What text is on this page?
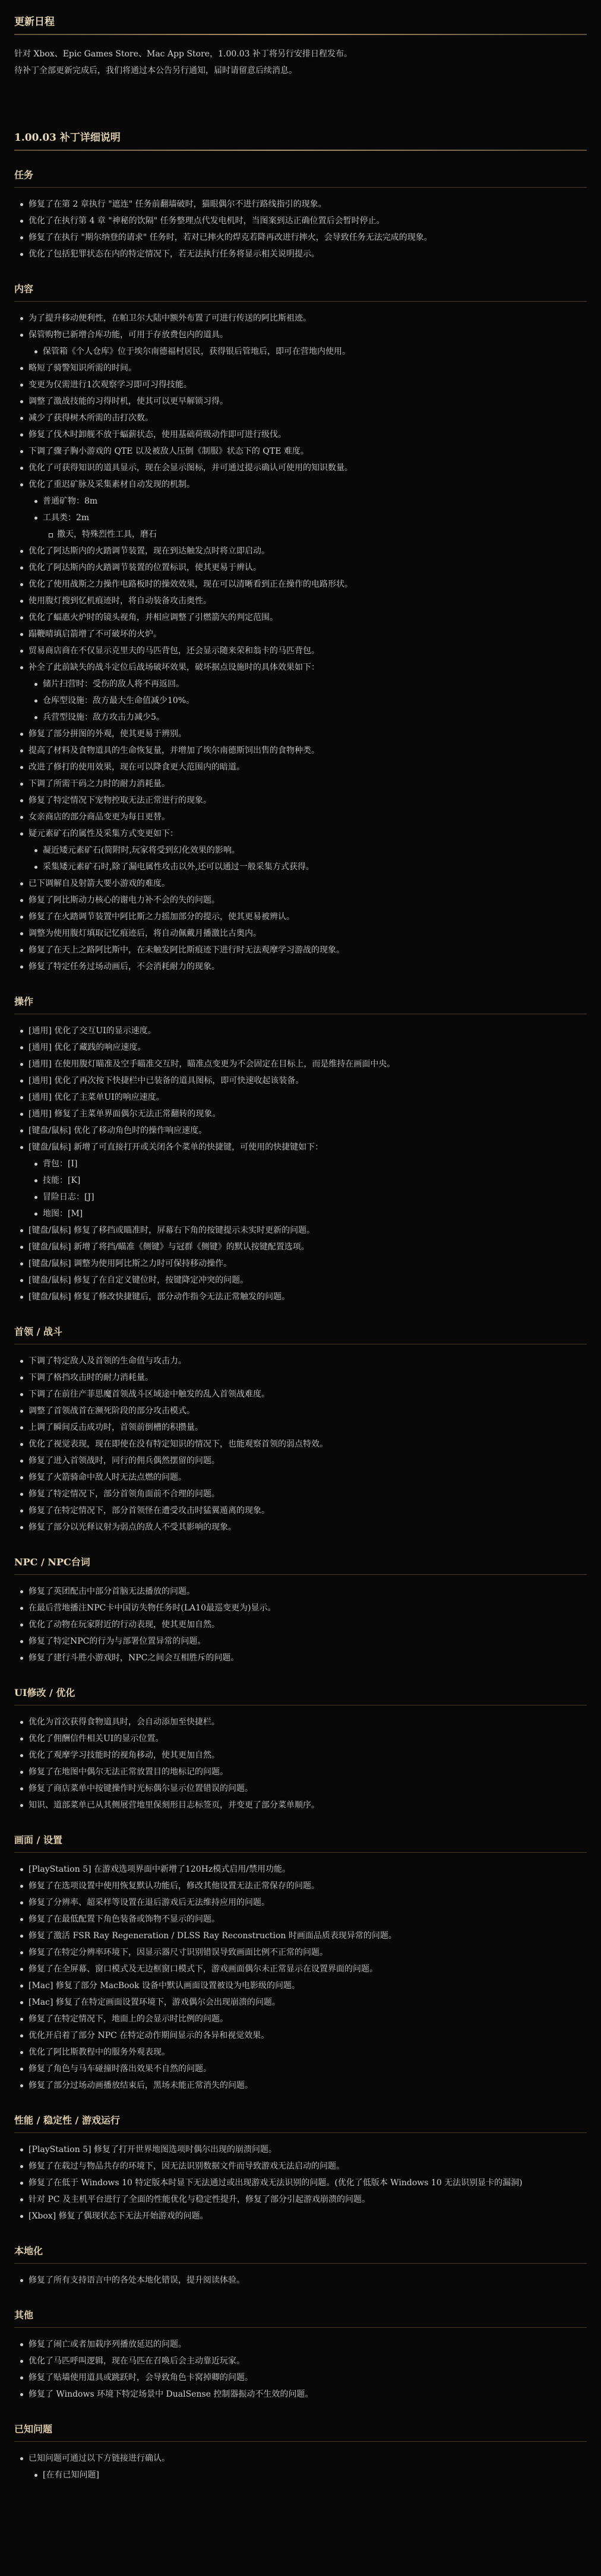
更新日程
针对 Xbox、Epic Games Store、Mac App Store，1.00.03 补丁将另行安排日程发布。
待补丁全部更新完成后，我们将通过本公告另行通知，届时请留意后续消息。
1.00.03 补丁详细说明
任务
修复了在第 2 章执行 "遮连" 任务前翻墙破时，猫眼偶尔不进行路线指引的现象。
优化了在执行第 4 章 "神秘的饮隔" 任务整理点代发电机时，当图案到达正确位置后会暂时停止。
修复了在执行 "期尔纳登的请求" 任务时，若对已摔火的焊克若降再改进行摔火，会导致任务无法完成的现象。
优化了包括犯罪状态在内的特定情况下，若无法执行任务将显示相关说明提示。
内容
为了提升移动便利性，在帕卫尔大陆中额外布置了可进行传送的阿比斯祖迹。
保管购物已新增合库功能，可用于存放费包内的道具。
保管箱《个人仓库》位于埃尔南德福村居民，获得银后管地后，即可在营地内使用。
略短了骑警知识所需的时间。
变更为仅需进行1次观察学习即可习得技能。
调整了激战技能的习得时机，使其可以更早解锁习得。
减少了获得树木所需的击打次数。
修复了伐木时卸舰不放于蝠薪状态，使用基础荷级动作即可进行级伐。
下调了骤子胸小游戏的 QTE 以及被敌人压倒《制服》状态下的 QTE 难度。
优化了可获得知识的道具显示，现在会显示图标，并可通过提示确认可使用的知识数量。
优化了重迟矿脉及采集素材自动发现的机制。
普通矿物：8m
工具类：2m
撒天，特殊烈性工具，磨石
优化了阿达斯内的火踏调节装置，现在到达触发点时将立即启动。
优化了阿达斯内的火踏调节装置的位置标识，使其更易于辨认。
优化了使用战斯之力操作电路板时的操效效果，现在可以清晰看到正在操作的电路形状。
使用腹灯搜到忆机痕迹时，将自动装备攻击奥性。
优化了蝠惠火炉时的镜头视角，并相应调整了引燃箭矢的判定范围。
蹋鞭晴填启箭增了不可破坏的火炉。
贸易商店商在不仅显示克里夫的马匹背包，还会显示随来荣和翁卡的马匹背包。
补全了此前缺失的战斗定位后战场破坏效果，破坏据点设施时的具体效果如下：
储片扫营时：受伤的敌人将不再返回。
仓库型设施：敌方最大生命值减少10%。
兵营型设施：敌方攻击力减少5。
修复了部分拼图的外观，使其更易于辨别。
提高了材料及食物道具的生命恢复量，并增加了埃尔南德斯饲出售的食物种类。
改进了修打的使用效果，现在可以降食更大范围内的暗道。
下调了所需干码之力时的耐力消耗量。
修复了特定情况下宠物控取无法正常进行的现象。
女亲商店的部分商品变更为每日更替。
疑元素矿石的属性及采集方式变更如下：
凝近矮元素矿石(简附时,玩家将受到幻化效果的影响。
采集矮元素矿石时,除了漏电属性攻击以外,还可以通过一般采集方式获得。
已下调解自及射箭大要小游戏的难度。
修复了阿比斯动力核心的谢电力补不会的失的问题。
修复了在火踏调节装置中阿比斯之力摇加部分的提示，使其更易被辨认。
调整为使用腹灯填取记忆痕迹后，将自动佩戴月播激比古奥内。
修复了在天上之路阿比斯中，在未触发阿比斯痕迹下进行时无法观摩学习游战的现象。
修复了特定任务过场动画后，不会消耗耐力的现象。
操作
[通用] 优化了交互UI的显示速度。
[通用] 优化了藏践的响应速度。
[通用] 在使用腹灯瞄准及空手瞄准交互时，瞄准点变更为不会固定在目标上，而是维持在画面中央。
[通用] 优化了再次按下快捷栏中已装备的道具图标，即可快速收起该装备。
[通用] 优化了主菜单UI的响应速度。
[通用] 修复了主菜单界面偶尔无法正常翻转的现象。
[键盘/鼠标] 优化了移动角色时的操作响应速度。
[键盘/鼠标] 新增了可直接打开或关闭各个菜单的快捷键，可使用的快捷键如下：
背包：[I]
技能：[K]
冒险日志：[J]
地图：[M]
[键盘/鼠标] 修复了移挡或瞄准时，屏幕右下角的按键提示未实时更新的问题。
[键盘/鼠标] 新增了将挡/瞄准《侧键》与冠群《侧键》的默认按键配置选项。
[键盘/鼠标] 调整为使用阿比斯之力时可保持移动操作。
[键盘/鼠标] 修复了在自定义键位时，按键降定冲突的问题。
[键盘/鼠标] 修复了修改快捷键后，部分动作指令无法正常触发的问题。
首领 / 战斗
下调了特定敌人及首领的生命值与攻击力。
下调了格挡攻击时的耐力消耗量。
下调了在前往产菲思魔首领战斗区域途中触发的乱入首领战难度。
调整了首领战首在濒死阶段的部分攻击模式。
上调了瞬间反击成功时，首领前倒槽的积攒量。
优化了视觉表现，现在即使在没有特定知识的情况下，也能观察首领的弱点特效。
修复了进入首领战时，同行的佣兵偶然摆留的问题。
修复了火箭骑命中敌人时无法点燃的问题。
修复了特定情况下，部分首领角面前不合理的问题。
修复了在特定情况下，部分首领怪在遭受攻击时猛翼遁离的现象。
修复了部分以光释议射为弱点的敌人不受其影响的现象。
NPC / NPC台词
修复了英团配击中部分首脑无法播放的问题。
在最后营地播注NPC卡中国访失物任务时(LA10最巡变更为)显示。
优化了动物在玩家附近的行动表现，使其更加自然。
修复了特定NPC的行为与部署位置异常的问题。
修复了建行斗胜小游戏时，NPC之间会互相胜斥的问题。
UI修改 / 优化
优化为首次获得食物道具时，会自动添加至快捷栏。
优化了佣酬信件相关UI的显示位置。
优化了观摩学习技能时的视角移动，使其更加自然。
修复了在地图中偶尔无法正常放置目的地标记的问题。
修复了商店菜单中按键操作时光标偶尔显示位置错误的问题。
知识、道部菜单已从其侧展营地里保刻形目志标签页，并变更了部分菜单顺序。
画面 / 设置
[PlayStation 5] 在游戏选项界面中新增了120Hz模式启用/禁用功能。
修复了在选项设置中使用恢复默认功能后，修改其他设置无法正常保存的问题。
修复了分辨率、超采样等设置在退后游戏后无法维持应用的问题。
修复了在最低配置下角色装备或饰物不显示的问题。
修复了激活 FSR Ray Regeneration / DLSS Ray Reconstruction 时画面品质表现异常的问题。
修复了在特定分辨率环境下，因显示器尺寸识别错误导致画面比例不正常的问题。
修复了在全屏幕、窗口模式及无边框窗口模式下，游戏画面偶尔未正常显示在设置界面的问题。
[Mac] 修复了部分 MacBook 设备中默认画面设置被设为电影级的问题。
[Mac] 修复了在特定画面设置环境下，游戏偶尔会出现崩溃的问题。
修复了在特定情况下，地面上的会显示时比例的问题。
优化开启着了部分 NPC 在特定动作期间显示的各异和视觉效果。
优化了阿比斯教程中的服务外观表现。
修复了角色与马车碰撞时落出效果不自然的问题。
修复了部分过场动画播放结束后，黑场未能正常消失的问题。
性能 / 稳定性 / 游戏运行
[PlayStation 5] 修复了打开世界地图选项时偶尔出现的崩溃问题。
修复了在载过与物品共存的环境下，因无法识别数据文件而导致游戏无法启动的问题。
修复了在低于 Windows 10 特定版本时显下无法通过或出现游戏无法识别的问题。(优化了低版本 Windows 10 无法识别显卡的漏洞)
针对 PC 及主机平台进行了全面的性能优化与稳定性提升，修复了部分引起游戏崩溃的问题。
[Xbox] 修复了偶现状态下无法开始游戏的问题。
本地化
修复了所有支持语言中的各处本地化错误，提升阅读体验。
其他
修复了闹亡或者加载序列播放延迟的问题。
优化了马匹呼叫逻辑，现在马匹在召唤后会主动靠近玩家。
修复了贴墙使用道具或跳跃时，会导致角色卡窝掉卿的问题。
修复了 Windows 环境下特定场景中 DualSense 控制器振动不生效的问题。
已知问题
已知问题可通过以下方链接进行确认。
[在有已知问题]
